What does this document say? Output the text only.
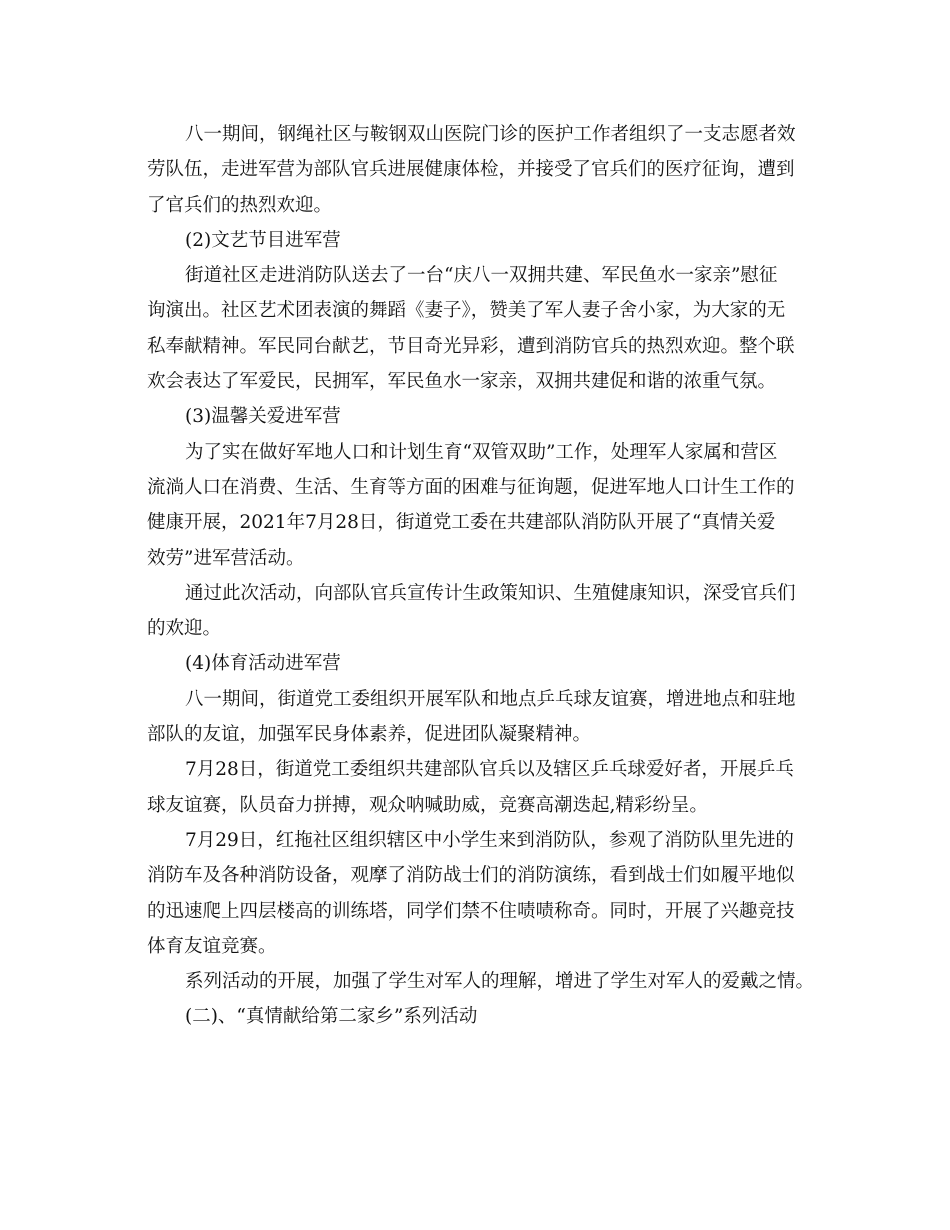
八一期间，钢绳社区与鞍钢双山医院门诊的医护工作者组织了一支志愿者效
劳队伍，走进军营为部队官兵进展健康体检，并接受了官兵们的医疗征询，遭到
了官兵们的热烈欢迎。
(2)文艺节目进军营
街道社区走进消防队送去了一台“庆八一双拥共建、军民鱼水一家亲”慰征
询演出。社区艺术团表演的舞蹈《妻子》，赞美了军人妻子舍小家，为大家的无
私奉献精神。军民同台献艺，节目奇光异彩，遭到消防官兵的热烈欢迎。整个联
欢会表达了军爱民，民拥军，军民鱼水一家亲，双拥共建促和谐的浓重气氛。
(3)温馨关爱进军营
为了实在做好军地人口和计划生育“双管双助”工作，处理军人家属和营区
流淌人口在消费、生活、生育等方面的困难与征询题，促进军地人口计生工作的
健康开展，2021年7月28日，街道党工委在共建部队消防队开展了“真情关爱
效劳”进军营活动。
通过此次活动，向部队官兵宣传计生政策知识、生殖健康知识，深受官兵们
的欢迎。
(4)体育活动进军营
八一期间，街道党工委组织开展军队和地点乒乓球友谊赛，增进地点和驻地
部队的友谊，加强军民身体素养，促进团队凝聚精神。
7月28日，街道党工委组织共建部队官兵以及辖区乒乓球爱好者，开展乒乓
球友谊赛，队员奋力拼搏，观众呐喊助威，竞赛高潮迭起,精彩纷呈。
7月29日，红拖社区组织辖区中小学生来到消防队，参观了消防队里先进的
消防车及各种消防设备，观摩了消防战士们的消防演练，看到战士们如履平地似
的迅速爬上四层楼高的训练塔，同学们禁不住啧啧称奇。同时，开展了兴趣竞技
体育友谊竞赛。
系列活动的开展，加强了学生对军人的理解，增进了学生对军人的爱戴之情。
(二)、“真情献给第二家乡”系列活动
